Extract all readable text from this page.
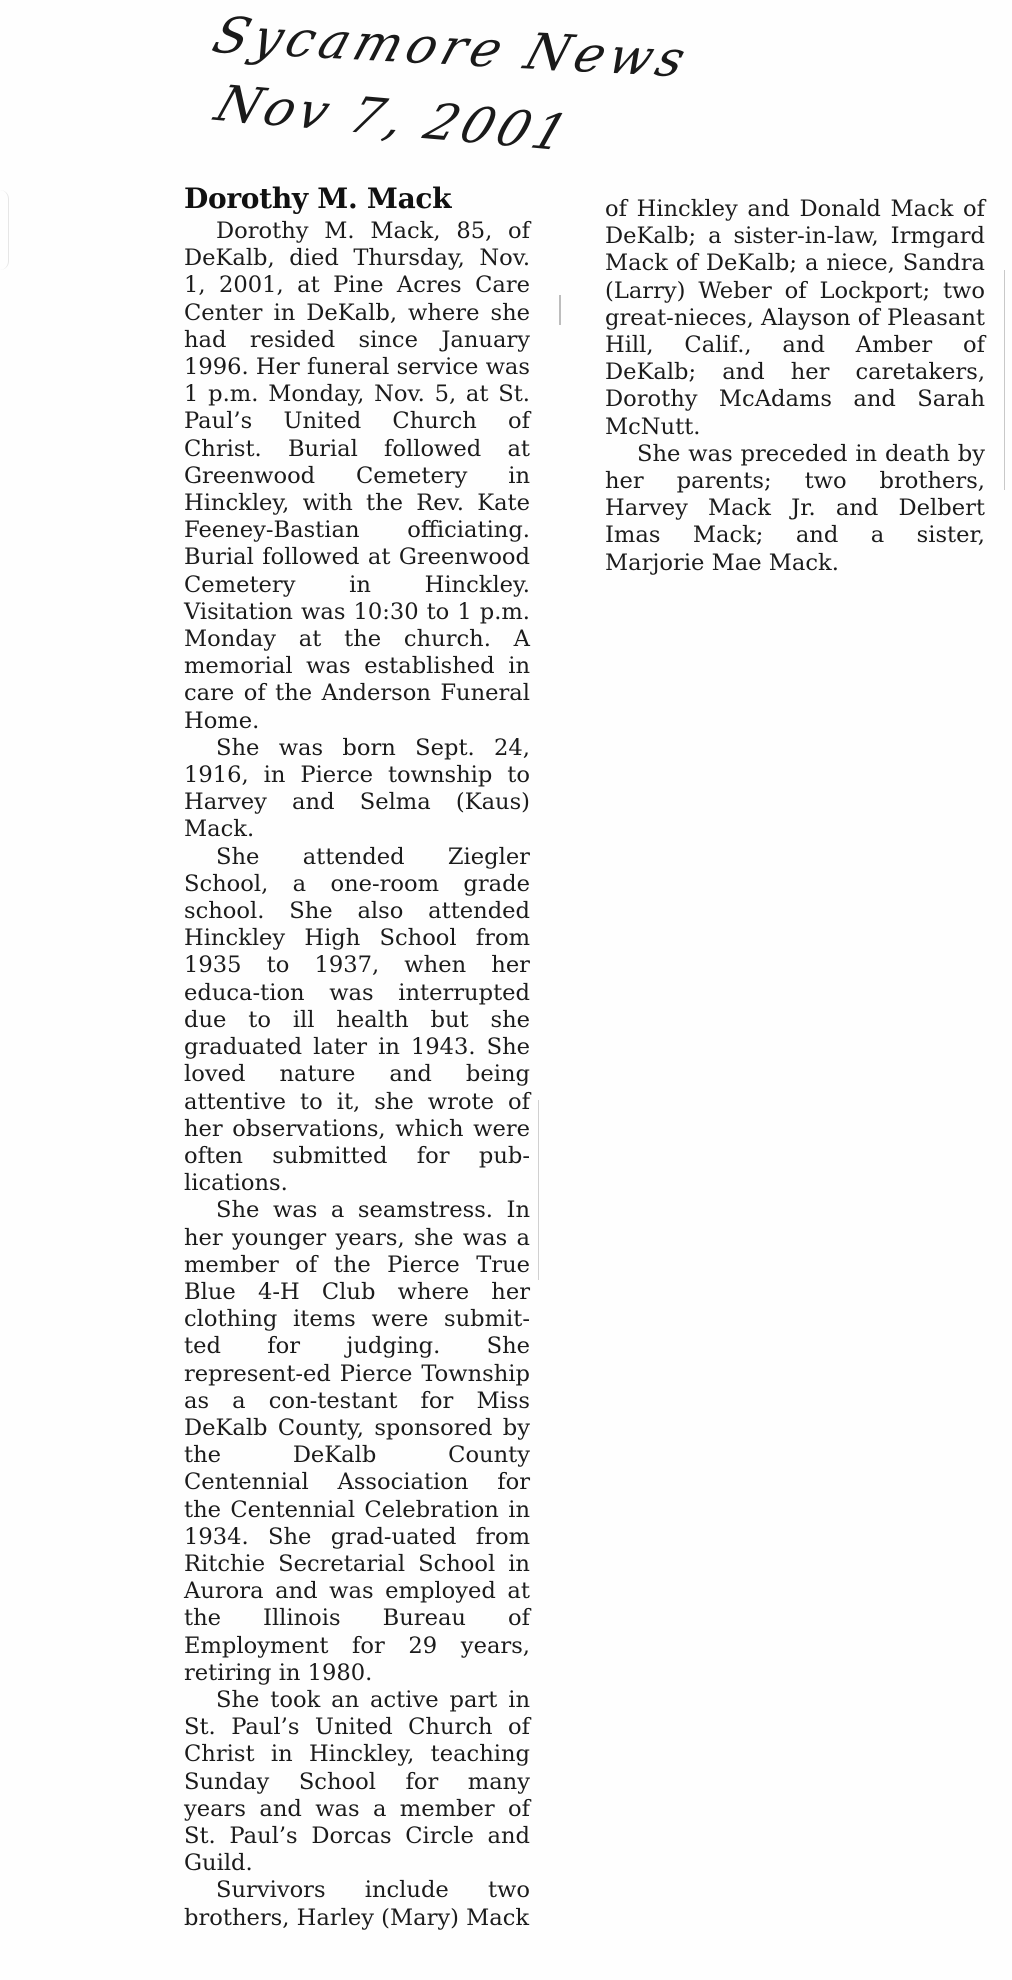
Sycamore News
Nov 7, 2001
Dorothy M. Mack

Dorothy M. Mack, 85, of DeKalb, died Thursday, Nov. 1, 2001, at Pine Acres Care Center in DeKalb, where she had resided since January 1996. Her funeral service was 1 p.m. Monday, Nov. 5, at St. Paul’s United Church of Christ. Burial followed at Greenwood Cemetery in Hinckley, with the Rev. Kate Feeney-Bastian officiating. Burial followed at Greenwood Cemetery in Hinckley. Visitation was 10:30 to 1 p.m. Monday at the church. A memorial was established in care of the Anderson Funeral Home.

She was born Sept. 24, 1916, in Pierce township to Harvey and Selma (Kaus) Mack.

She attended Ziegler School, a one-room grade school. She also attended Hinckley High School from 1935 to 1937, when her educa-tion was interrupted due to ill health but she graduated later in 1943. She loved nature and being attentive to it, she wrote of her observations, which were often submitted for pub-lications.

She was a seamstress. In her younger years, she was a member of the Pierce True Blue 4-H Club where her clothing items were submit-ted for judging. She represent-ed Pierce Township as a con-testant for Miss DeKalb County, sponsored by the DeKalb County Centennial Association for the Centennial Celebration in 1934. She grad-uated from Ritchie Secretarial School in Aurora and was employed at the Illinois Bureau of Employment for 29 years, retiring in 1980.

She took an active part in St. Paul’s United Church of Christ in Hinckley, teaching Sunday School for many years and was a member of St. Paul’s Dorcas Circle and Guild.

Survivors include two brothers, Harley (Mary) Mack

of Hinckley and Donald Mack of DeKalb; a sister-in-law, Irmgard Mack of DeKalb; a niece, Sandra (Larry) Weber of Lockport; two great-nieces, Alayson of Pleasant Hill, Calif., and Amber of DeKalb; and her caretakers, Dorothy McAdams and Sarah McNutt.

She was preceded in death by her parents; two brothers, Harvey Mack Jr. and Delbert Imas Mack; and a sister, Marjorie Mae Mack.
